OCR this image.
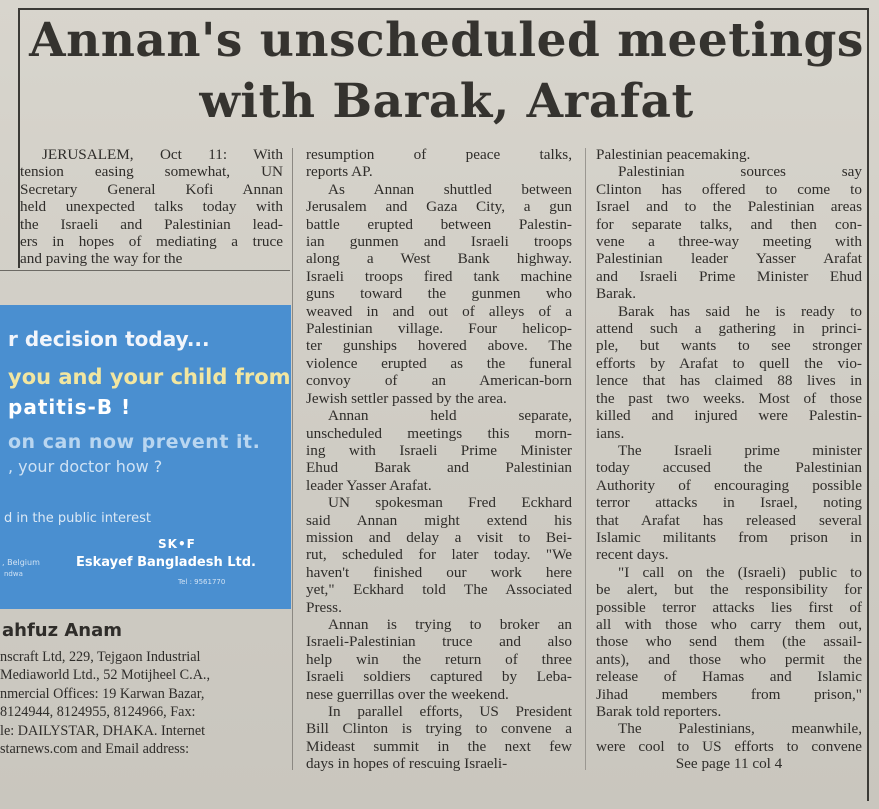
Annan's unscheduled meetings
with Barak, Arafat
JERUSALEM, Oct 11: With
tension easing somewhat, UN
Secretary General Kofi Annan
held unexpected talks today with
the Israeli and Palestinian lead-
ers in hopes of mediating a truce
and paving the way for the
resumption of peace talks,
reports AP.
As Annan shuttled between
Jerusalem and Gaza City, a gun
battle erupted between Palestin-
ian gunmen and Israeli troops
along a West Bank highway.
Israeli troops fired tank machine
guns toward the gunmen who
weaved in and out of alleys of a
Palestinian village. Four helicop-
ter gunships hovered above. The
violence erupted as the funeral
convoy of an American-born
Jewish settler passed by the area.
Annan held separate,
unscheduled meetings this morn-
ing with Israeli Prime Minister
Ehud Barak and Palestinian
leader Yasser Arafat.
UN spokesman Fred Eckhard
said Annan might extend his
mission and delay a visit to Bei-
rut, scheduled for later today. "We
haven't finished our work here
yet," Eckhard told The Associated
Press.
Annan is trying to broker an
Israeli-Palestinian truce and also
help win the return of three
Israeli soldiers captured by Leba-
nese guerrillas over the weekend.
In parallel efforts, US President
Bill Clinton is trying to convene a
Mideast summit in the next few
days in hopes of rescuing Israeli-
Palestinian peacemaking.
Palestinian sources say
Clinton has offered to come to
Israel and to the Palestinian areas
for separate talks, and then con-
vene a three-way meeting with
Palestinian leader Yasser Arafat
and Israeli Prime Minister Ehud
Barak.
Barak has said he is ready to
attend such a gathering in princi-
ple, but wants to see stronger
efforts by Arafat to quell the vio-
lence that has claimed 88 lives in
the past two weeks. Most of those
killed and injured were Palestin-
ians.
The Israeli prime minister
today accused the Palestinian
Authority of encouraging possible
terror attacks in Israel, noting
that Arafat has released several
Islamic militants from prison in
recent days.
"I call on the (Israeli) public to
be alert, but the responsibility for
possible terror attacks lies first of
all with those who carry them out,
those who send them (the assail-
ants), and those who permit the
release of Hamas and Islamic
Jihad members from prison,"
Barak told reporters.
The Palestinians, meanwhile,
were cool to US efforts to convene
See page 11 col 4
r decision today...
you and your child from
patitis-B !
on can now prevent it.
, your doctor how ?
d in the public interest
SK•F
Eskayef Bangladesh Ltd.
, Belgium
ndwa
Tel : 9561770
ahfuz Anam
nscraft Ltd, 229, Tejgaon Industrial
Mediaworld Ltd., 52 Motijheel C.A.,
nmercial Offices: 19 Karwan Bazar,
8124944, 8124955, 8124966, Fax:
le: DAILYSTAR, DHAKA. Internet
starnews.com and Email address:
